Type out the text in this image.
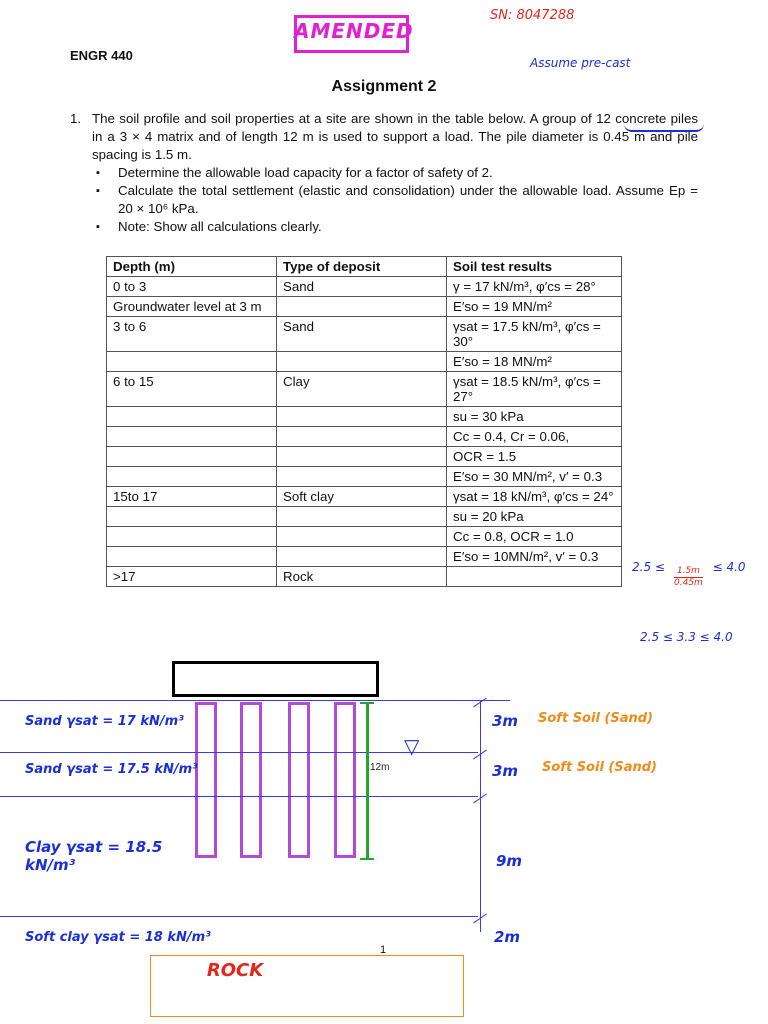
AMENDED
SN: 8047288
Assume pre-cast
ENGR 440
Assignment 2
1. The soil profile and soil properties at a site are shown in the table below. A group of 12 concrete piles in a 3 × 4 matrix and of length 12 m is used to support a load. The pile diameter is 0.45 m and pile spacing is 1.5 m.
▪ Determine the allowable load capacity for a factor of safety of 2.
▪ Calculate the total settlement (elastic and consolidation) under the allowable load. Assume Ep = 20 × 10⁶ kPa.
▪ Note: Show all calculations clearly.
Depth (m)	Type of deposit	Soil test results
0 to 3	Sand	γ = 17 kN/m³, φ′cs = 28°
Groundwater level at 3 m		E′so = 19 MN/m²
3 to 6	Sand	γsat = 17.5 kN/m³, φ′cs = 30°
		E′so = 18 MN/m²
6 to 15	Clay	γsat = 18.5 kN/m³, φ′cs = 27°
		su = 30 kPa
		Cc = 0.4, Cr = 0.06,
		OCR = 1.5
		E′so = 30 MN/m², v′ = 0.3
15to 17	Soft clay	γsat = 18 kN/m³, φ′cs = 24°
		su = 20 kPa
		Cc = 0.8, OCR = 1.0
		E′so = 10MN/m², v′ = 0.3
>17	Rock	
2.5 ≤	≤ 4.0
$\frac{1.5m}{0.45m}$
2.5 ≤ 3.3 ≤ 4.0
12m
▽
Sand γsat = 17 kN/m³
Sand γsat = 17.5 kN/m³
Clay γsat = 18.5 kN/m³
Soft clay γsat = 18 kN/m³
3m
3m
9m
2m
Soft Soil (Sand)
Soft Soil (Sand)
1
ROCK
